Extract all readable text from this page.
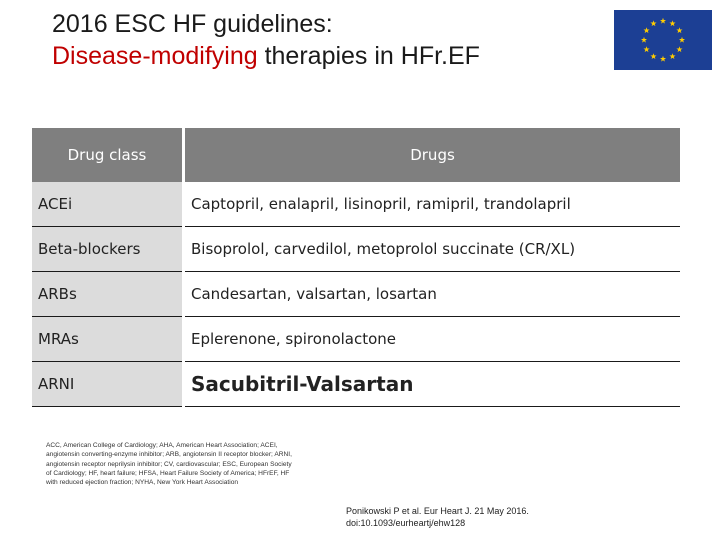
2016 ESC HF guidelines:
Disease-modifying therapies in HFr.EF
Drug class	Drugs
ACEi	Captopril, enalapril, lisinopril, ramipril, trandolapril
Beta-blockers	Bisoprolol, carvedilol, metoprolol succinate (CR/XL)
ARBs	Candesartan, valsartan, losartan
MRAs	Eplerenone, spironolactone
ARNI	Sacubitril-Valsartan
ACC, American College of Cardiology; AHA, American Heart Association; ACEI, angiotensin converting-enzyme inhibitor; ARB, angiotensin II receptor blocker; ARNI, angiotensin receptor neprilysin inhibitor; CV, cardiovascular; ESC, European Society of Cardiology; HF, heart failure; HFSA, Heart Failure Society of America; HFrEF, HF with reduced ejection fraction; NYHA, New York Heart Association
Ponikowski P et al. Eur Heart J. 21 May 2016.
doi:10.1093/eurheartj/ehw128
